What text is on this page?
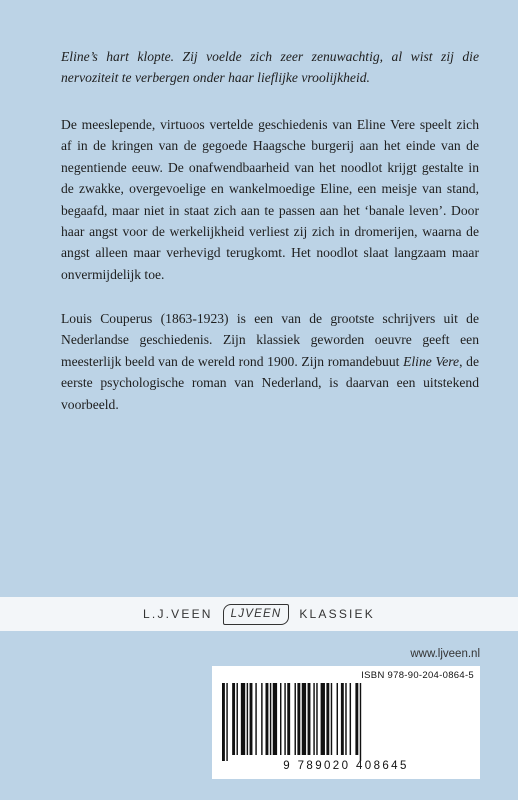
Eline’s hart klopte. Zij voelde zich zeer zenuwachtig, al wist zij die nervoziteit te verbergen onder haar lieflijke vroolijkheid.
De meeslepende, virtuoos vertelde geschiedenis van Eline Vere speelt zich af in de kringen van de gegoede Haagsche burgerij aan het einde van de negentiende eeuw. De onafwendbaarheid van het noodlot krijgt gestalte in de zwakke, overgevoelige en wankelmoedige Eline, een meisje van stand, begaafd, maar niet in staat zich aan te passen aan het ‘banale leven’. Door haar angst voor de werkelijkheid verliest zij zich in dromerijen, waarna de angst alleen maar verhevigd terugkomt. Het noodlot slaat langzaam maar onvermijdelijk toe.
Louis Couperus (1863-1923) is een van de grootste schrijvers uit de Nederlandse geschiedenis. Zijn klassiek geworden oeuvre geeft een meesterlijk beeld van de wereld rond 1900. Zijn romandebuut Eline Vere, de eerste psychologische roman van Nederland, is daarvan een uitstekend voorbeeld.
L.J.VEEN	LJVEEN	KLASSIEK
www.ljveen.nl
ISBN 978-90-204-0864-5
9 789020 408645
